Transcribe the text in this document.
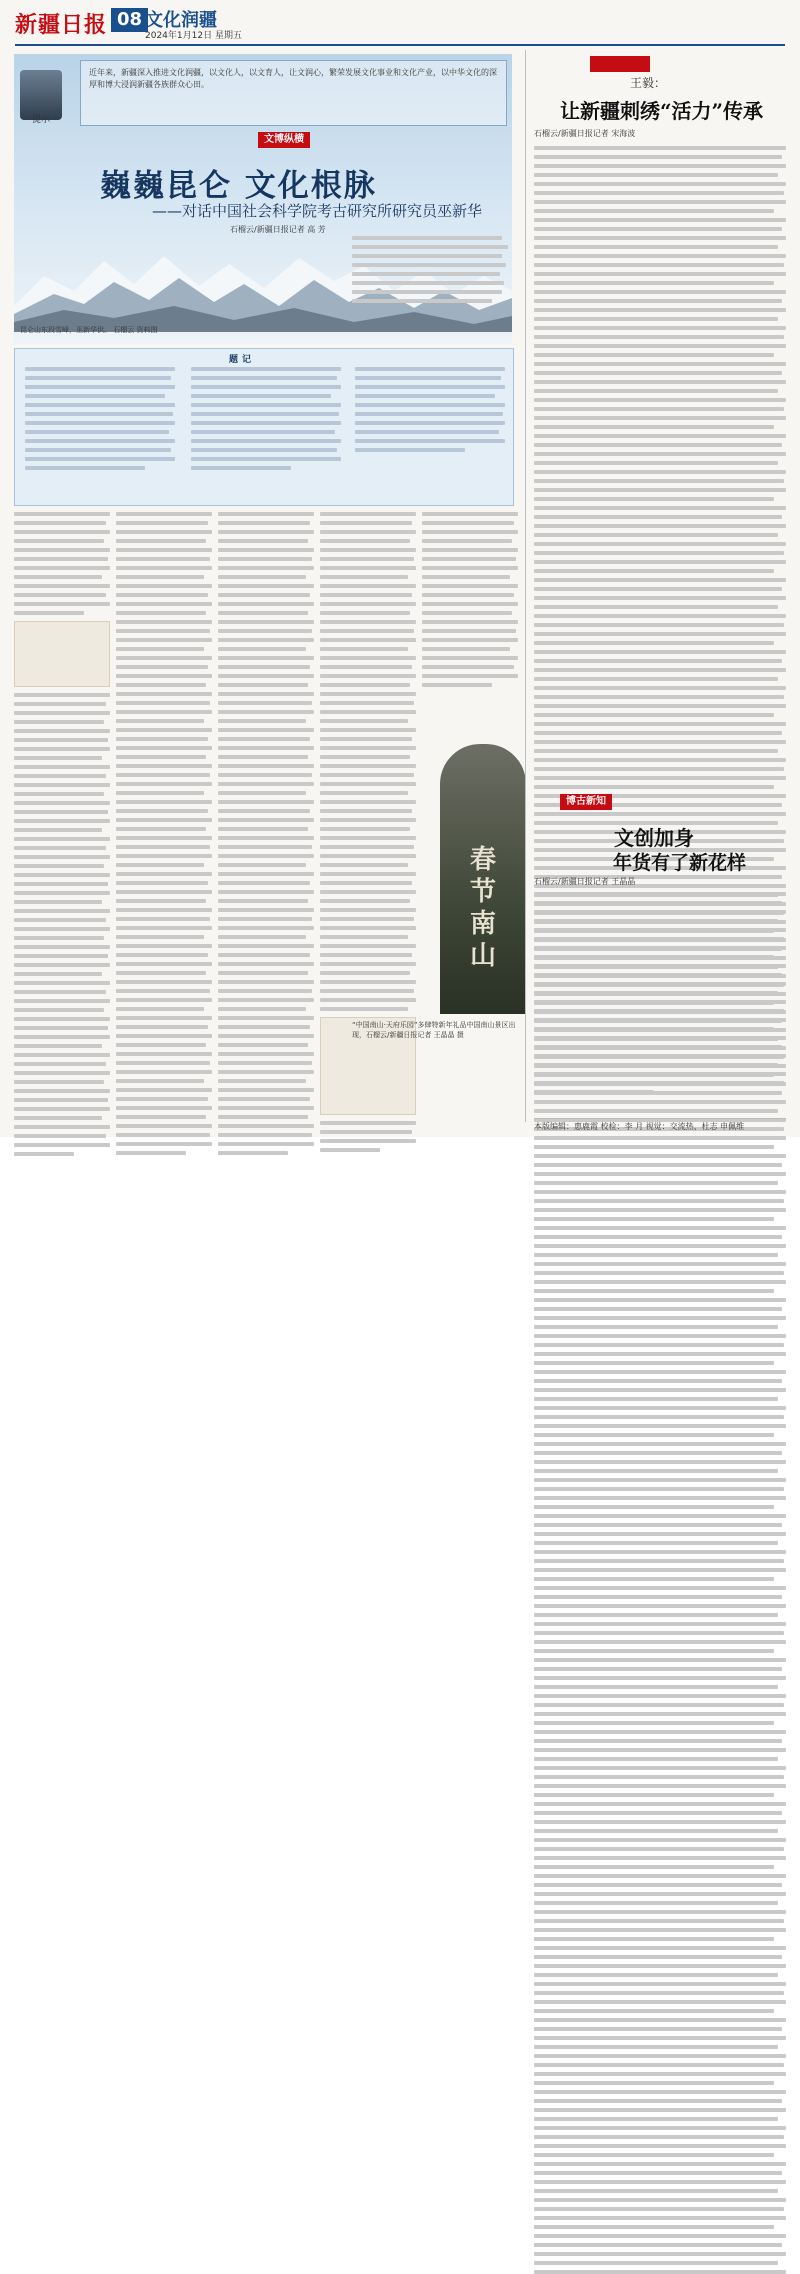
新疆日报 08 文化润疆
2024年1月12日 星期五
提示
近年来，新疆深入推进文化润疆，以文化人，以文育人，让文润心，繁荣发展文化事业和文化产业，以中华文化的深厚和博大浸润新疆各族群众心田。
文博纵横
巍巍昆仑 文化根脉
——对话中国社会科学院考古研究所研究员巫新华
石榴云/新疆日报记者 高 芳
昆仑山东段雪峰，巫新华供。 石榴云 资料图
题记
春节南山
“中国南山·天府乐园”多肆特新年礼品中国南山景区出现，石榴云/新疆日报记者 王晶晶 摄
非遗广角
王毅：
让新疆刺绣“活力”传承
石榴云/新疆日报记者 宋海波
博古新知
文创加身
年货有了新花样
石榴云/新疆日报记者 王晶晶
本版编辑：惠鹿霞 校检：李 月 视觉：交流热、杜志 申佩维
